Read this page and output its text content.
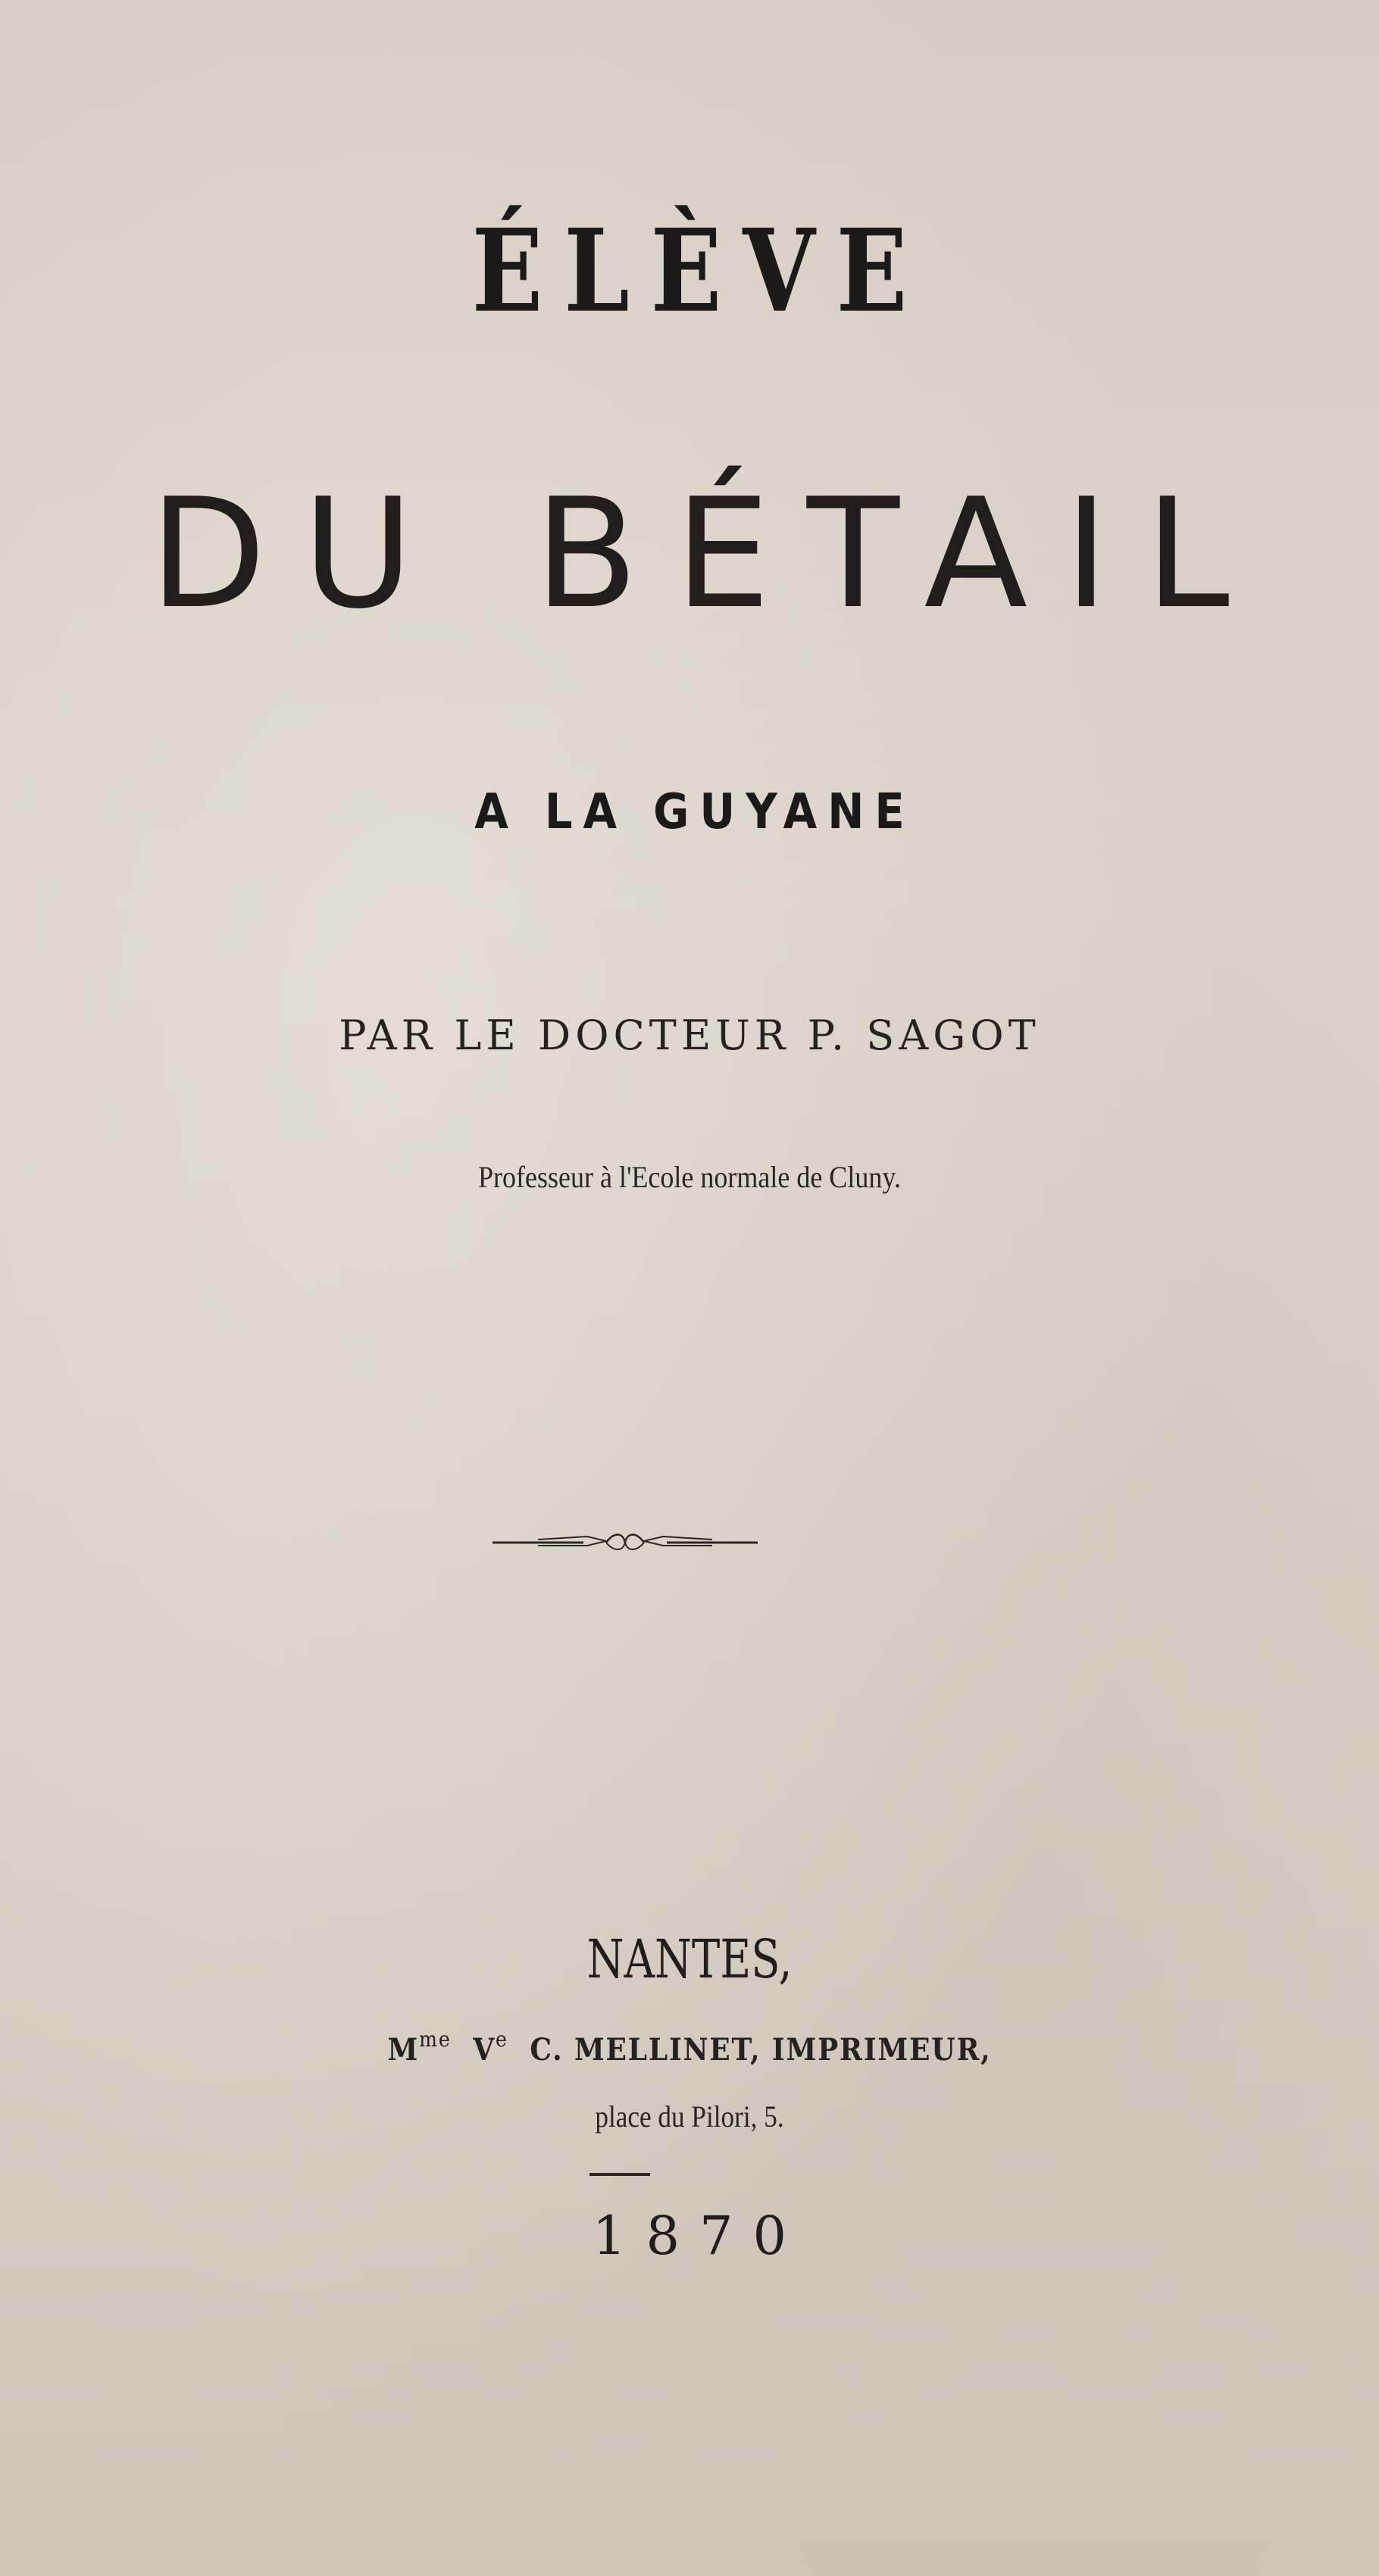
ÉLÈVE
DU BÉTAIL
A LA GUYANE

PAR LE DOCTEUR P. SAGOT

Professeur à l'Ecole normale de Cluny.

NANTES,

$M^{me}$ Ve C. MELLINET, IMPRIMEUR,

place du Pilori, 5.

1870
